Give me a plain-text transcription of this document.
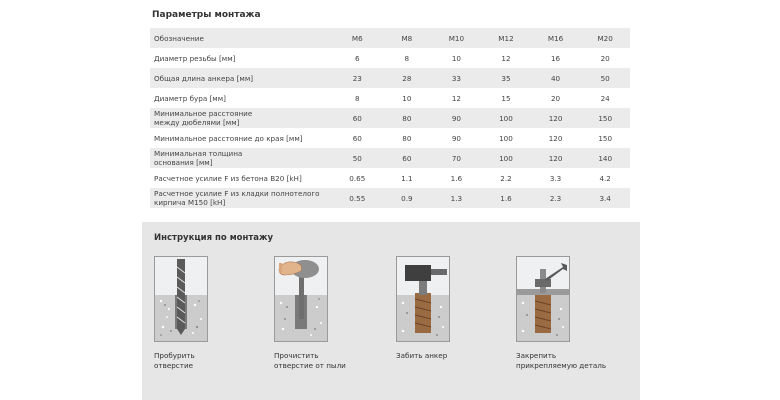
Параметры монтажа
Обозначение	M6	M8	M10	M12	M16	M20

Диаметр резьбы [мм]	6	8	10	12	16	20

Общая длина анкера [мм]	23	28	33	35	40	50

Диаметр бура [мм]	8	10	12	15	20	24

Минимальное расстояние
между дюбелями [мм]	60	80	90	100	120	150

Минимальное расстояние до края [мм]	60	80	90	100	120	150

Минимальная толщина
основания [мм]	50	60	70	100	120	140

Расчетное усилие F из бетона В20 [kH]	0.65	1.1	1.6	2.2	3.3	4.2

Расчетное усилие F из кладки полнотелого
кирпича М150 [kH]	0.55	0.9	1.3	1.6	2.3	3.4
Инструкция по монтажу
Пробурить
отверстие
Прочистить
отверстие от пыли
Забить анкер	Закрепить
прикрепляемую деталь
